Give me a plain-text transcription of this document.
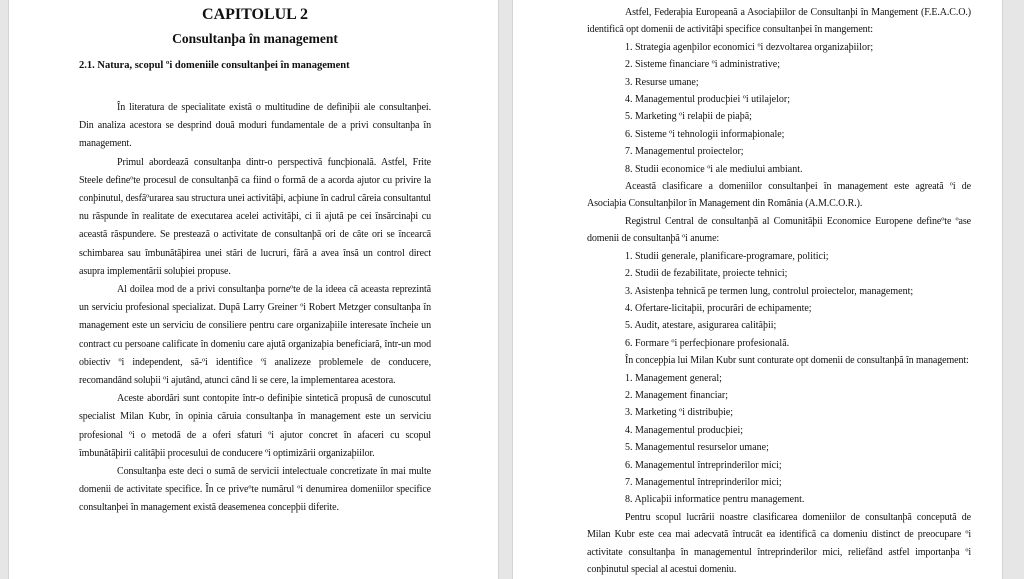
CAPITOLUL 2
Consultanþa în management
2.1. Natura, scopul ºi domeniile consultanþei în management

În literatura de specialitate existã o multitudine de definiþii ale consultanþei. Din analiza acestora se desprind douã moduri fundamentale de a privi consultanþa în management.

Primul abordeazã consultanþa dintr-o perspectivã funcþionalã. Astfel, Frite Steele defineºte procesul de consultanþã ca fiind o formã de a acorda ajutor cu privire la conþinutul, desfãºurarea sau structura unei activitãþi, acþiune în cadrul cãreia consultantul nu rãspunde în realitate de executarea acelei activitãþi, ci îi ajutã pe cei însãrcinaþi cu aceastã rãspundere. Se presteazã o activitate de consultanþã ori de câte ori se încearcã schimbarea sau îmbunãtãþirea unei stãri de lucruri, fãrã a avea însã un control direct asupra implementãrii soluþiei propuse.

Al doilea mod de a privi consultanþa porneºte de la ideea cã aceasta reprezintã un serviciu profesional specializat. Dupã Larry Greiner ºi Robert Metzger consultanþa în management este un serviciu de consiliere pentru care organizaþiile interesate încheie un contract cu persoane calificate în domeniu care ajutã organizaþia beneficiarã, într-un mod obiectiv ºi independent, sã-ºi identifice ºi analizeze problemele de conducere, recomandând soluþii ºi ajutând, atunci când li se cere, la implementarea acestora.

Aceste abordãri sunt contopite într-o definiþie sinteticã propusã de cunoscutul specialist Milan Kubr, în opinia cãruia consultanþa în management este un serviciu profesional ºi o metodã de a oferi sfaturi ºi ajutor concret în afaceri cu scopul îmbunãtãþirii calitãþii procesului de conducere ºi optimizãrii organizaþiilor.

Consultanþa este deci o sumã de servicii intelectuale concretizate în mai multe domenii de activitate specifice. În ce priveºte numãrul ºi denumirea domeniilor specifice consultanþei în management existã deasemenea concepþii diferite.

Astfel, Federaþia Europeanã a Asociaþiilor de Consultanþi în Mangement (F.E.A.C.O.) identificã opt domenii de activitãþi specifice consultanþei în mangement:

1. Strategia agenþilor economici ºi dezvoltarea organizaþiilor;
2. Sisteme financiare ºi administrative;
3. Resurse umane;
4. Managementul producþiei ºi utilajelor;
5. Marketing ºi relaþii de piaþã;
6. Sisteme ºi tehnologii informaþionale;
7. Managementul proiectelor;
8. Studii economice ºi ale mediului ambiant.

Aceastã clasificare a domeniilor consultanþei în management este agreatã ºi de Asociaþia Consultanþilor în Management din România (A.M.C.O.R.).

Registrul Central de consultanþã al Comunitãþii Economice Europene defineºte ºase domenii de consultanþã ºi anume:

1. Studii generale, planificare-programare, politici;
2. Studii de fezabilitate, proiecte tehnici;
3. Asistenþa tehnicã pe termen lung, controlul proiectelor, management;
4. Ofertare-licitaþii, procurãri de echipamente;
5. Audit, atestare, asigurarea calitãþii;
6. Formare ºi perfecþionare profesionalã.

În concepþia lui Milan Kubr sunt conturate opt domenii de consultanþã în management:

1. Management general;
2. Management financiar;
3. Marketing ºi distribuþie;
4. Managementul producþiei;
5. Managementul resurselor umane;
6. Managementul întreprinderilor mici;
7. Managementul întreprinderilor mici;
8. Aplicaþii informatice pentru management.

Pentru scopul lucrãrii noastre clasificarea domeniilor de consultanþã conceputã de Milan Kubr este cea mai adecvatã întrucât ea identificã ca domeniu distinct de preocupare ºi activitate consultanþa în managementul întreprinderilor mici, reliefând astfel importanþa ºi conþinutul special al acestui domeniu.
